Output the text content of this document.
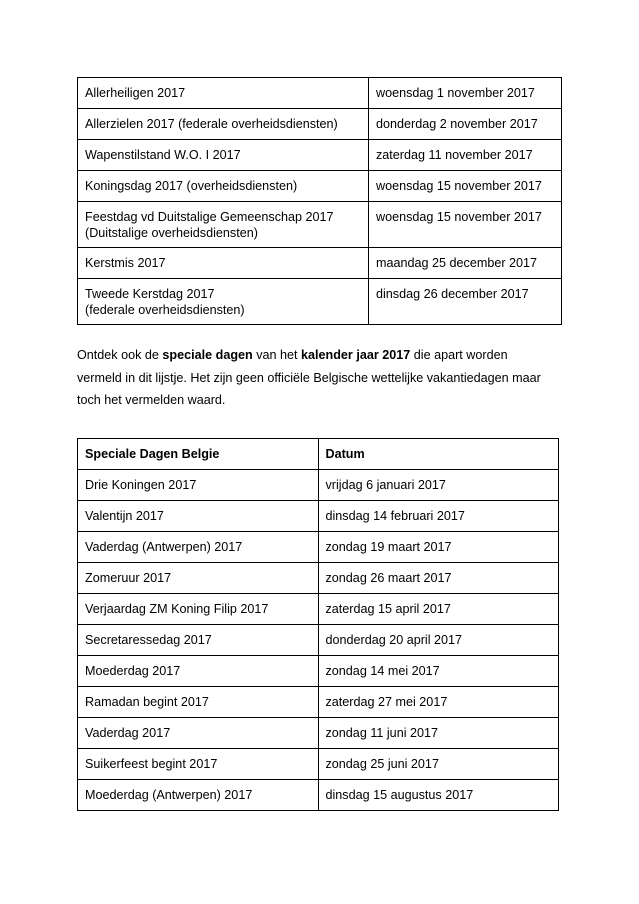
Allerheiligen 2017	woensdag 1 november 2017
Allerzielen 2017 (federale overheidsdiensten)	donderdag 2 november 2017
Wapenstilstand W.O. I 2017	zaterdag 11 november 2017
Koningsdag 2017 (overheidsdiensten)	woensdag 15 november 2017

Feestdag vd Duitstalige Gemeenschap 2017
(Duitstalige overheidsdiensten)	woensdag 15 november 2017
Kerstmis 2017	maandag 25 december 2017

Tweede Kerstdag 2017
(federale overheidsdiensten)	dinsdag 26 december 2017
Ontdek ook de speciale dagen van het kalender jaar 2017 die apart worden
vermeld in dit lijstje. Het zijn geen officiële Belgische wettelijke vakantiedagen maar
toch het vermelden waard.
Speciale Dagen Belgie	Datum
Drie Koningen 2017	vrijdag 6 januari 2017
Valentijn 2017	dinsdag 14 februari 2017
Vaderdag (Antwerpen) 2017	zondag 19 maart 2017
Zomeruur 2017	zondag 26 maart 2017
Verjaardag ZM Koning Filip 2017	zaterdag 15 april 2017
Secretaressedag 2017	donderdag 20 april 2017
Moederdag 2017	zondag 14 mei 2017
Ramadan begint 2017	zaterdag 27 mei 2017
Vaderdag 2017	zondag 11 juni 2017
Suikerfeest begint 2017	zondag 25 juni 2017
Moederdag (Antwerpen) 2017	dinsdag 15 augustus 2017
